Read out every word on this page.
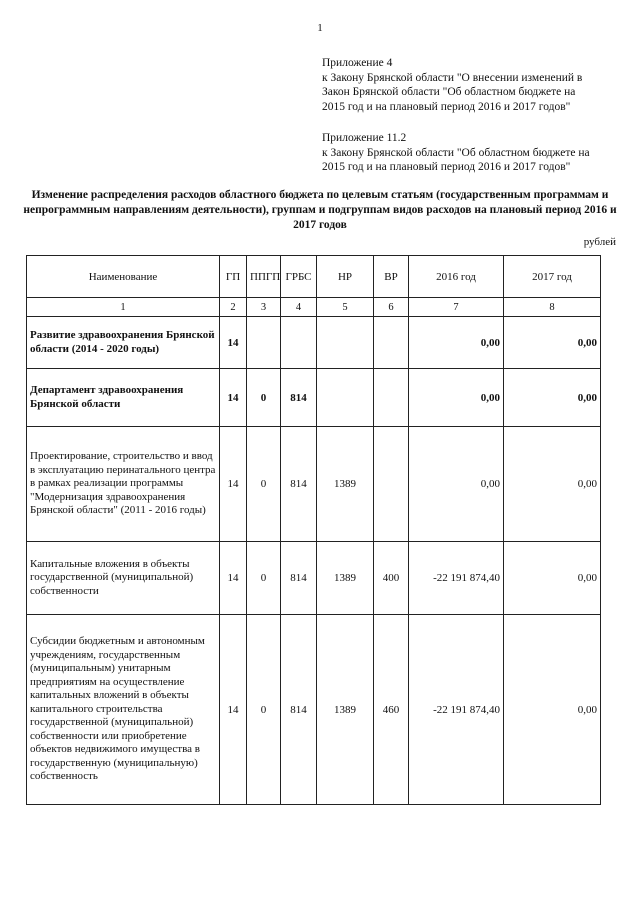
1
Приложение 4
к Закону Брянской области "О внесении изменений в
Закон Брянской области "Об областном бюджете на
2015 год и на плановый период 2016 и 2017 годов"
Приложение 11.2
к Закону Брянской области "Об областном бюджете на
2015 год и на плановый период 2016 и 2017 годов"
Изменение распределения расходов областного бюджета по целевым статьям (государственным программам и непрограммным направлениям деятельности), группам и подгруппам видов расходов на плановый период 2016 и 2017 годов
рублей
Наименование	ГП	ППГП	ГРБС	НР	ВР	2016 год	2017 год
1	2	3	4	5	6	7	8
Развитие здравоохранения Брянской области (2014 - 2020 годы)	14					0,00	0,00
Департамент здравоохранения Брянской области	14	0	814			0,00	0,00
Проектирование, строительство и ввод в эксплуатацию перинатального центра в рамках реализации программы "Модернизация здравоохранения Брянской области" (2011 - 2016 годы)	14	0	814	1389		0,00	0,00
Капитальные вложения в объекты государственной (муниципальной) собственности	14	0	814	1389	400	-22 191 874,40	0,00
Субсидии бюджетным и автономным учреждениям, государственным (муниципальным) унитарным предприятиям на осуществление капитальных вложений в объекты капитального строительства государственной (муниципальной) собственности или приобретение объектов недвижимого имущества в государственную (муниципальную) собственность	14	0	814	1389	460	-22 191 874,40	0,00
